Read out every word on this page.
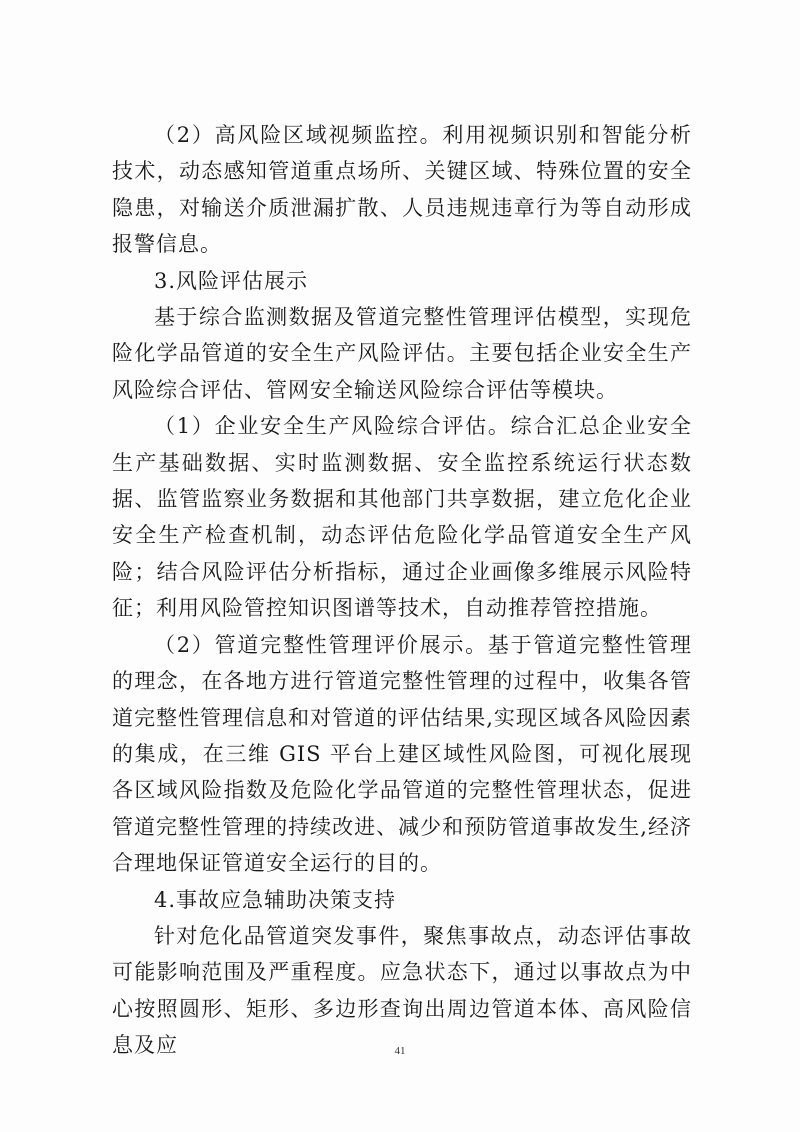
（2）高风险区域视频监控。利用视频识别和智能分析技术，动态感知管道重点场所、关键区域、特殊位置的安全隐患，对输送介质泄漏扩散、人员违规违章行为等自动形成报警信息。

3.风险评估展示

基于综合监测数据及管道完整性管理评估模型，实现危险化学品管道的安全生产风险评估。主要包括企业安全生产风险综合评估、管网安全输送风险综合评估等模块。

（1）企业安全生产风险综合评估。综合汇总企业安全生产基础数据、实时监测数据、安全监控系统运行状态数据、监管监察业务数据和其他部门共享数据，建立危化企业安全生产检查机制，动态评估危险化学品管道安全生产风险；结合风险评估分析指标，通过企业画像多维展示风险特征；利用风险管控知识图谱等技术，自动推荐管控措施。

（2）管道完整性管理评价展示。基于管道完整性管理的理念，在各地方进行管道完整性管理的过程中，收集各管道完整性管理信息和对管道的评估结果,实现区域各风险因素的集成，在三维 GIS 平台上建区域性风险图，可视化展现各区域风险指数及危险化学品管道的完整性管理状态，促进管道完整性管理的持续改进、减少和预防管道事故发生,经济合理地保证管道安全运行的目的。

4.事故应急辅助决策支持

针对危化品管道突发事件，聚焦事故点，动态评估事故可能影响范围及严重程度。应急状态下，通过以事故点为中心按照圆形、矩形、多边形查询出周边管道本体、高风险信息及应	41
